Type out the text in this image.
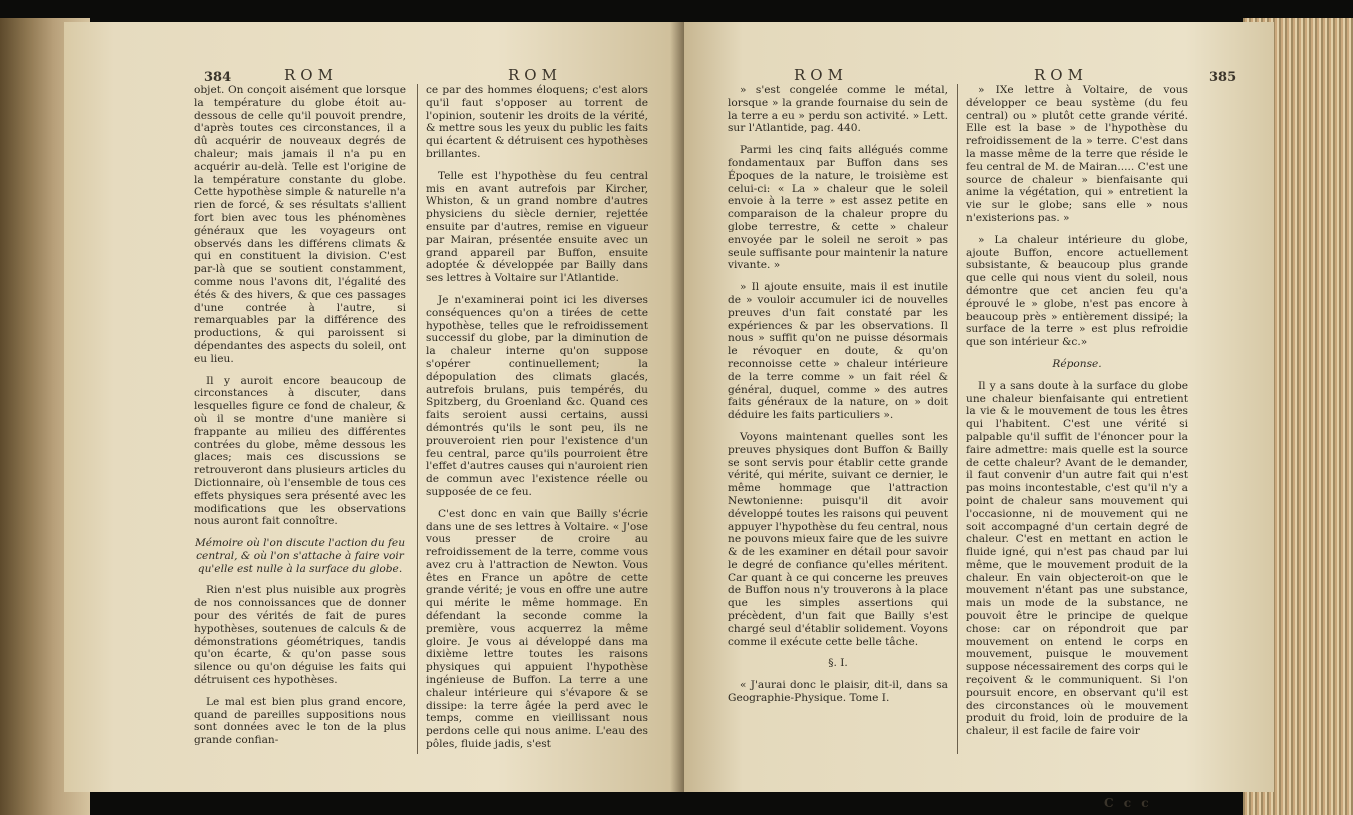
384	ROM	ROM

objet. On conçoit aisément que lorsque la température du globe étoit au-dessous de celle qu'il pouvoit prendre, d'après toutes ces circonstances, il a dû acquérir de nouveaux degrés de chaleur; mais jamais il n'a pu en acquérir au-delà. Telle est l'origine de la température constante du globe. Cette hypothèse simple & naturelle n'a rien de forcé, & ses résultats s'allient fort bien avec tous les phénomènes généraux que les voyageurs ont observés dans les différens climats & qui en constituent la division. C'est par-là que se soutient constamment, comme nous l'avons dit, l'égalité des étés & des hivers, & que ces passages d'une contrée à l'autre, si remarquables par la différence des productions, & qui paroissent si dépendantes des aspects du soleil, ont eu lieu.

Il y auroit encore beaucoup de circonstances à discuter, dans lesquelles figure ce fond de chaleur, & où il se montre d'une manière si frappante au milieu des différentes contrées du globe, même dessous les glaces; mais ces discussions se retrouveront dans plusieurs articles du Dictionnaire, où l'ensemble de tous ces effets physiques sera présenté avec les modifications que les observations nous auront fait connoître.

Mémoire où l'on discute l'action du feu central, & où l'on s'attache à faire voir qu'elle est nulle à la surface du globe.

Rien n'est plus nuisible aux progrès de nos connoissances que de donner pour des vérités de fait de pures hypothèses, soutenues de calculs & de démonstrations géométriques, tandis qu'on écarte, & qu'on passe sous silence ou qu'on déguise les faits qui détruisent ces hypothèses.

Le mal est bien plus grand encore, quand de pareilles suppositions nous sont données avec le ton de la plus grande confian-

ce par des hommes éloquens; c'est alors qu'il faut s'opposer au torrent de l'opinion, soutenir les droits de la vérité, & mettre sous les yeux du public les faits qui écartent & détruisent ces hypothèses brillantes.

Telle est l'hypothèse du feu central mis en avant autrefois par Kircher, Whiston, & un grand nombre d'autres physiciens du siècle dernier, rejettée ensuite par d'autres, remise en vigueur par Mairan, présentée ensuite avec un grand appareil par Buffon, ensuite adoptée & développée par Bailly dans ses lettres à Voltaire sur l'Atlantide.

Je n'examinerai point ici les diverses conséquences qu'on a tirées de cette hypothèse, telles que le refroidissement successif du globe, par la diminution de la chaleur interne qu'on suppose s'opérer continuellement; la dépopulation des climats glacés, autrefois brulans, puis tempérés, du Spitzberg, du Groenland &c. Quand ces faits seroient aussi certains, aussi démontrés qu'ils le sont peu, ils ne prouveroient rien pour l'existence d'un feu central, parce qu'ils pourroient être l'effet d'autres causes qui n'auroient rien de commun avec l'existence réelle ou supposée de ce feu.

C'est donc en vain que Bailly s'écrie dans une de ses lettres à Voltaire. « J'ose vous presser de croire au refroidissement de la terre, comme vous avez cru à l'attraction de Newton. Vous êtes en France un apôtre de cette grande vérité; je vous en offre une autre qui mérite le même hommage. En défendant la seconde comme la première, vous acquerrez la même gloire. Je vous ai développé dans ma dixième lettre toutes les raisons physiques qui appuient l'hypothèse ingénieuse de Buffon. La terre a une chaleur intérieure qui s'évapore & se dissipe: la terre âgée la perd avec le temps, comme en vieillissant nous perdons celle qui nous anime. L'eau des pôles, fluide jadis, s'est

ROM	ROM	385

» s'est congelée comme le métal, lorsque » la grande fournaise du sein de la terre a eu » perdu son activité. » Lett. sur l'Atlantide, pag. 440.

Parmi les cinq faits allégués comme fondamentaux par Buffon dans ses Époques de la nature, le troisième est celui-ci: « La » chaleur que le soleil envoie à la terre » est assez petite en comparaison de la chaleur propre du globe terrestre, & cette » chaleur envoyée par le soleil ne seroit » pas seule suffisante pour maintenir la nature vivante. »

» Il ajoute ensuite, mais il est inutile de » vouloir accumuler ici de nouvelles preuves d'un fait constaté par les expériences & par les observations. Il nous » suffit qu'on ne puisse désormais le révoquer en doute, & qu'on reconnoisse cette » chaleur intérieure de la terre comme » un fait réel & général, duquel, comme » des autres faits généraux de la nature, on » doit déduire les faits particuliers ».

Voyons maintenant quelles sont les preuves physiques dont Buffon & Bailly se sont servis pour établir cette grande vérité, qui mérite, suivant ce dernier, le même hommage que l'attraction Newtonienne: puisqu'il dit avoir développé toutes les raisons qui peuvent appuyer l'hypothèse du feu central, nous ne pouvons mieux faire que de les suivre & de les examiner en détail pour savoir le degré de confiance qu'elles méritent. Car quant à ce qui concerne les preuves de Buffon nous n'y trouverons à la place que les simples assertions qui précèdent, d'un fait que Bailly s'est chargé seul d'établir solidement. Voyons comme il exécute cette belle tâche.

§. I.

« J'aurai donc le plaisir, dit-il, dans sa Geographie-Physique. Tome I.

» IXe lettre à Voltaire, de vous développer ce beau système (du feu central) ou » plutôt cette grande vérité. Elle est la base » de l'hypothèse du refroidissement de la » terre. C'est dans la masse même de la terre que réside le feu central de M. de Mairan..... C'est une source de chaleur » bienfaisante qui anime la végétation, qui » entretient la vie sur le globe; sans elle » nous n'existerions pas. »

» La chaleur intérieure du globe, ajoute Buffon, encore actuellement subsistante, & beaucoup plus grande que celle qui nous vient du soleil, nous démontre que cet ancien feu qu'a éprouvé le » globe, n'est pas encore à beaucoup près » entièrement dissipé; la surface de la terre » est plus refroidie que son intérieur &c.»

Réponse.

Il y a sans doute à la surface du globe une chaleur bienfaisante qui entretient la vie & le mouvement de tous les êtres qui l'habitent. C'est une vérité si palpable qu'il suffit de l'énoncer pour la faire admettre: mais quelle est la source de cette chaleur? Avant de le demander, il faut convenir d'un autre fait qui n'est pas moins incontestable, c'est qu'il n'y a point de chaleur sans mouvement qui l'occasionne, ni de mouvement qui ne soit accompagné d'un certain degré de chaleur. C'est en mettant en action le fluide igné, qui n'est pas chaud par lui même, que le mouvement produit de la chaleur. En vain objecteroit-on que le mouvement n'étant pas une substance, mais un mode de la substance, ne pouvoit être le principe de quelque chose: car on répondroit que par mouvement on entend le corps en mouvement, puisque le mouvement suppose nécessairement des corps qui le reçoivent & le communiquent. Si l'on poursuit encore, en observant qu'il est des circonstances où le mouvement produit du froid, loin de produire de la chaleur, il est facile de faire voir

C c c
